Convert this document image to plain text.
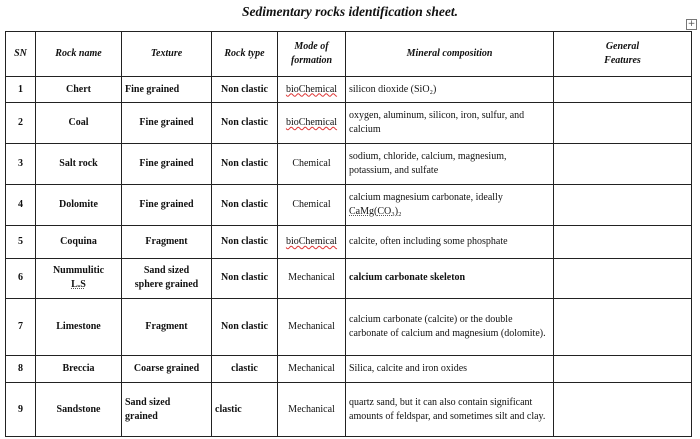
Sedimentary rocks identification sheet.
+
SN	Rock name	Texture	Rock type	Mode of
formation	Mineral composition	General
Features
1	Chert	Fine grained	Non clastic	bioChemical	silicon dioxide (SiO₂)	
2	Coal	Fine grained	Non clastic	bioChemical	oxygen, aluminum, silicon, iron, sulfur, and calcium	
3	Salt rock	Fine grained	Non clastic	Chemical	sodium, chloride, calcium, magnesium, potassium, and sulfate	
4	Dolomite	Fine grained	Non clastic	Chemical	calcium magnesium carbonate, ideally
CaMg(CO₃)₂	
5	Coquina	Fragment	Non clastic	bioChemical	calcite, often including some phosphate	
6	Nummulitic
L.S	Sand sized
sphere grained	Non clastic	Mechanical	calcium carbonate skeleton	
7	Limestone	Fragment	Non clastic	Mechanical	calcium carbonate (calcite) or the double carbonate of calcium and magnesium (dolomite).	
8	Breccia	Coarse grained	clastic	Mechanical	Silica, calcite and iron oxides	
9	Sandstone	Sand sized
grained	clastic	Mechanical	quartz sand, but it can also contain significant amounts of feldspar, and sometimes silt and clay.	
